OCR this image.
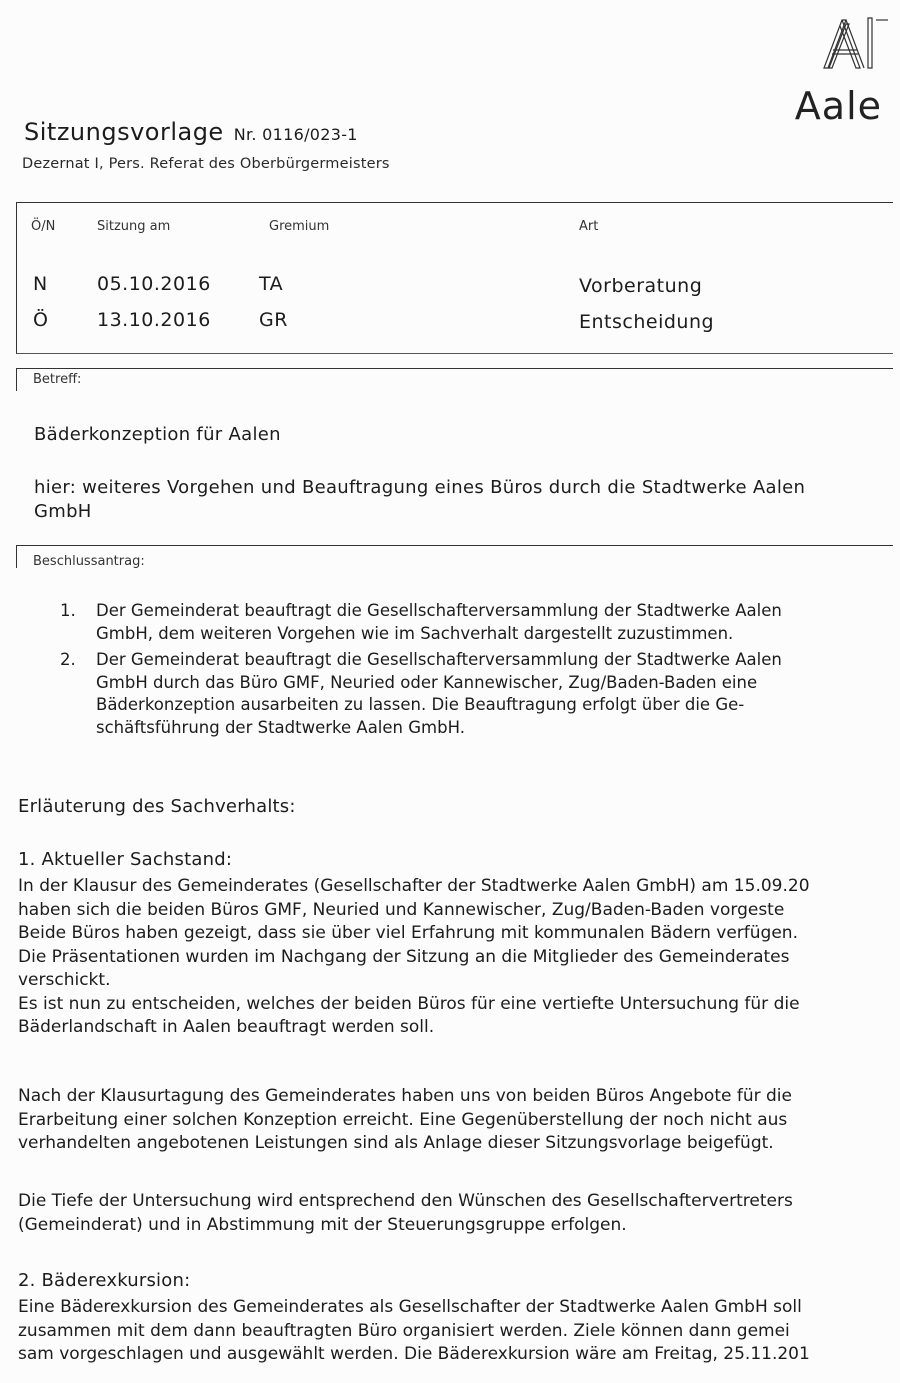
Aale
Sitzungsvorlage Nr. 0116/023-1
Dezernat I, Pers. Referat des Oberbürgermeisters
Ö/N	Sitzung am	Gremium	Art
N	05.10.2016	TA	Vorberatung
Ö	13.10.2016	GR	Entscheidung
Betreff:
Bäderkonzeption für Aalen
hier: weiteres Vorgehen und Beauftragung eines Büros durch die Stadtwerke Aalen
GmbH
Beschlussantrag:
1.	Der Gemeinderat beauftragt die Gesellschafterversammlung der Stadtwerke Aalen
GmbH, dem weiteren Vorgehen wie im Sachverhalt dargestellt zuzustimmen.
2.	Der Gemeinderat beauftragt die Gesellschafterversammlung der Stadtwerke Aalen
GmbH durch das Büro GMF, Neuried oder Kannewischer, Zug/Baden-Baden eine
Bäderkonzeption ausarbeiten zu lassen. Die Beauftragung erfolgt über die Ge-
schäftsführung der Stadtwerke Aalen GmbH.
Erläuterung des Sachverhalts:
1. Aktueller Sachstand:
In der Klausur des Gemeinderates (Gesellschafter der Stadtwerke Aalen GmbH) am 15.09.20
haben sich die beiden Büros GMF, Neuried und Kannewischer, Zug/Baden-Baden vorgeste
Beide Büros haben gezeigt, dass sie über viel Erfahrung mit kommunalen Bädern verfügen.
Die Präsentationen wurden im Nachgang der Sitzung an die Mitglieder des Gemeinderates
verschickt.
Es ist nun zu entscheiden, welches der beiden Büros für eine vertiefte Untersuchung für die
Bäderlandschaft in Aalen beauftragt werden soll.
Nach der Klausurtagung des Gemeinderates haben uns von beiden Büros Angebote für die
Erarbeitung einer solchen Konzeption erreicht. Eine Gegenüberstellung der noch nicht aus
verhandelten angebotenen Leistungen sind als Anlage dieser Sitzungsvorlage beigefügt.
Die Tiefe der Untersuchung wird entsprechend den Wünschen des Gesellschaftervertreters
(Gemeinderat) und in Abstimmung mit der Steuerungsgruppe erfolgen.
2. Bäderexkursion:
Eine Bäderexkursion des Gemeinderates als Gesellschafter der Stadtwerke Aalen GmbH soll
zusammen mit dem dann beauftragten Büro organisiert werden. Ziele können dann gemei
sam vorgeschlagen und ausgewählt werden. Die Bäderexkursion wäre am Freitag, 25.11.201
